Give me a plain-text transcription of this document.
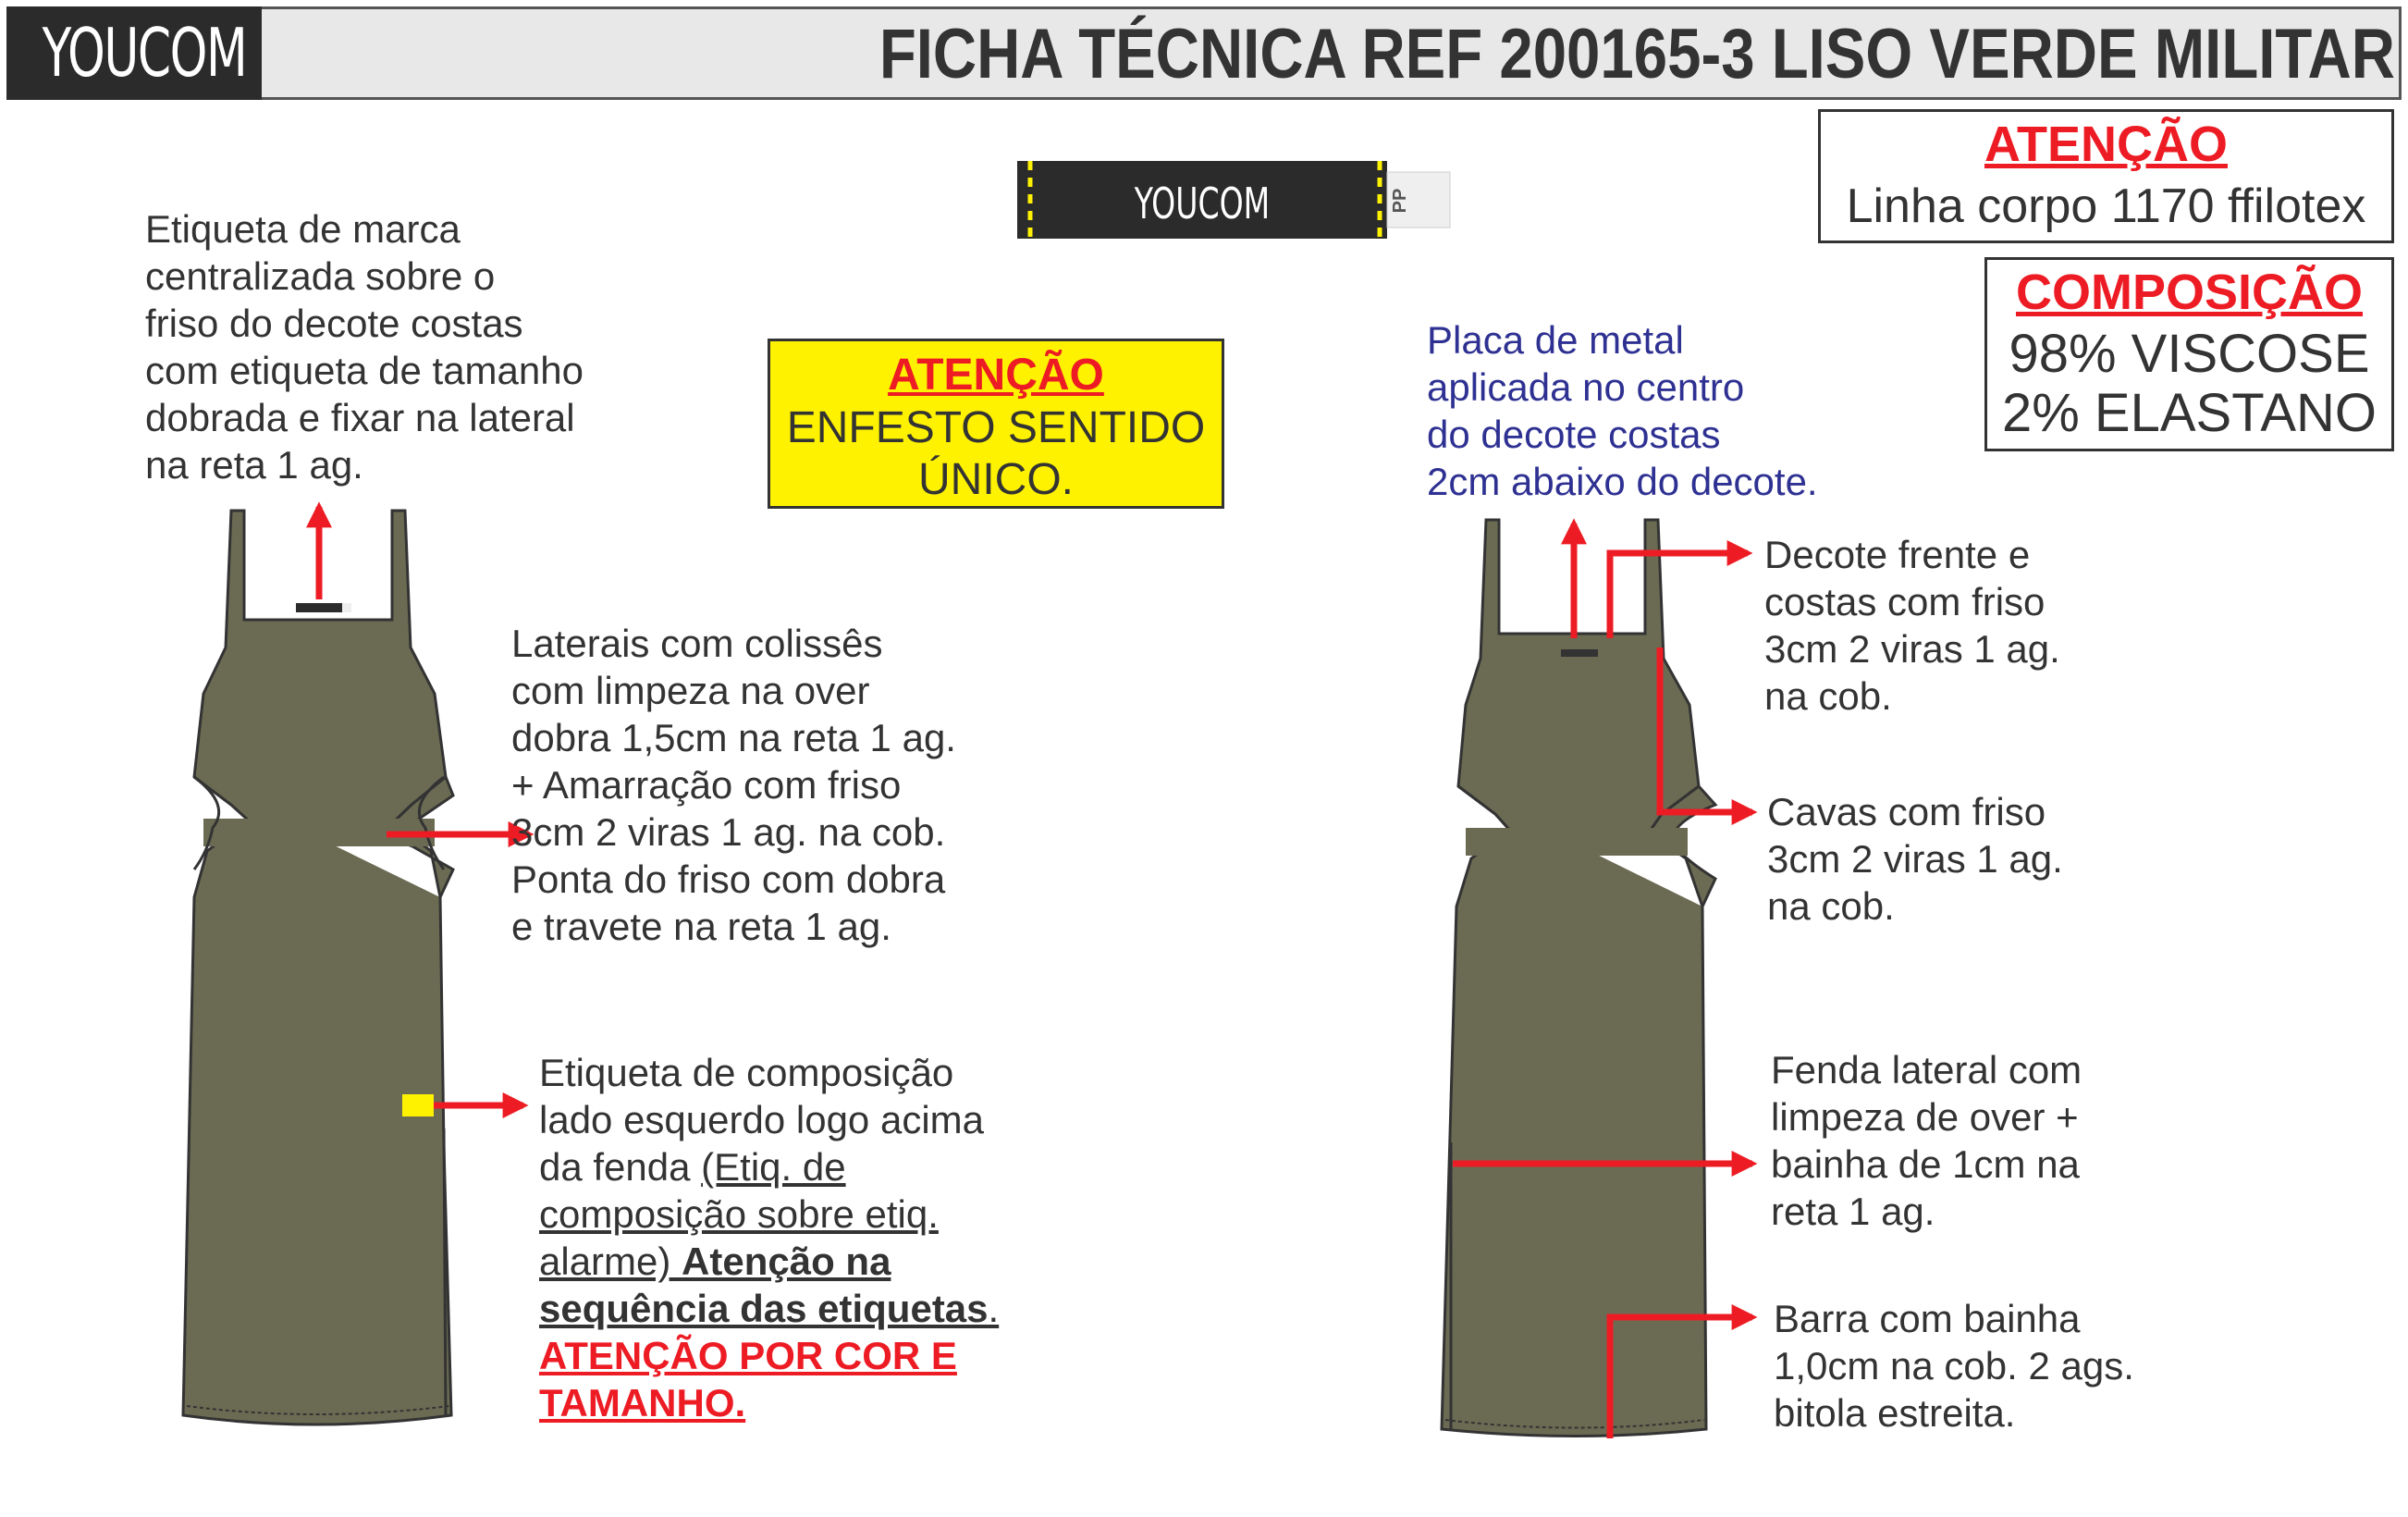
YOUCOM	FICHA TÉCNICA REF 200165-3 LISO VERDE MILITAR
YOUCOM	PP
ATENÇÃO
Linha corpo 1170 ffilotex
COMPOSIÇÃO
98% VISCOSE
2% ELASTANO
ATENÇÃO
ENFESTO SENTIDO
ÚNICO.
Etiqueta de marca
centralizada sobre o
friso do decote costas
com etiqueta de tamanho
dobrada e fixar na lateral
na reta 1 ag.
Laterais com colissês
com limpeza na over
dobra 1,5cm na reta 1 ag.
+ Amarração com friso
3cm 2 viras 1 ag. na cob.
Ponta do friso com dobra
e travete na reta 1 ag.
Etiqueta de composição
lado esquerdo logo acima
da fenda (Etiq. de
composição sobre etiq.
alarme) Atenção na
sequência das etiquetas.
ATENÇÃO POR COR E
TAMANHO.
Placa de metal
aplicada no centro
do decote costas
2cm abaixo do decote.
Decote frente e
costas com friso
3cm 2 viras 1 ag.
na cob.
Cavas com friso
3cm 2 viras 1 ag.
na cob.
Fenda lateral com
limpeza de over +
bainha de 1cm na
reta 1 ag.
Barra com bainha
1,0cm na cob. 2 ags.
bitola estreita.
